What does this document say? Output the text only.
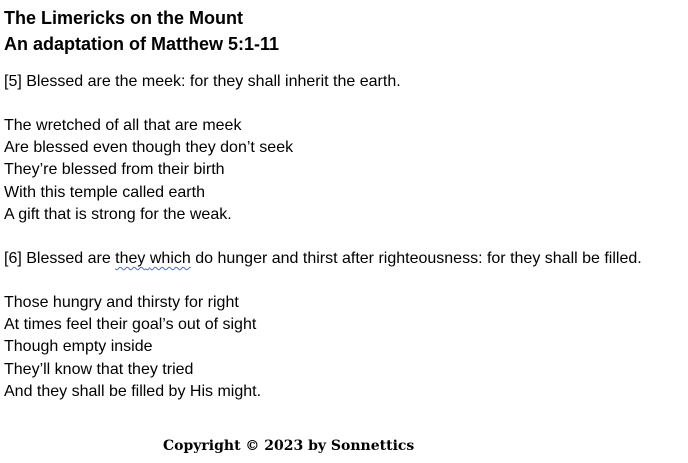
The Limericks on the Mount
An adaptation of Matthew 5:1-11
[5] Blessed are the meek: for they shall inherit the earth.
The wretched of all that are meek
Are blessed even though they don’t seek
They’re blessed from their birth
With this temple called earth
A gift that is strong for the weak.
[6] Blessed are they which do hunger and thirst after righteousness: for they shall be filled.
Those hungry and thirsty for right
At times feel their goal’s out of sight
Though empty inside
They’ll know that they tried
And they shall be filled by His might.
Copyright © 2023 by Sonnettics
